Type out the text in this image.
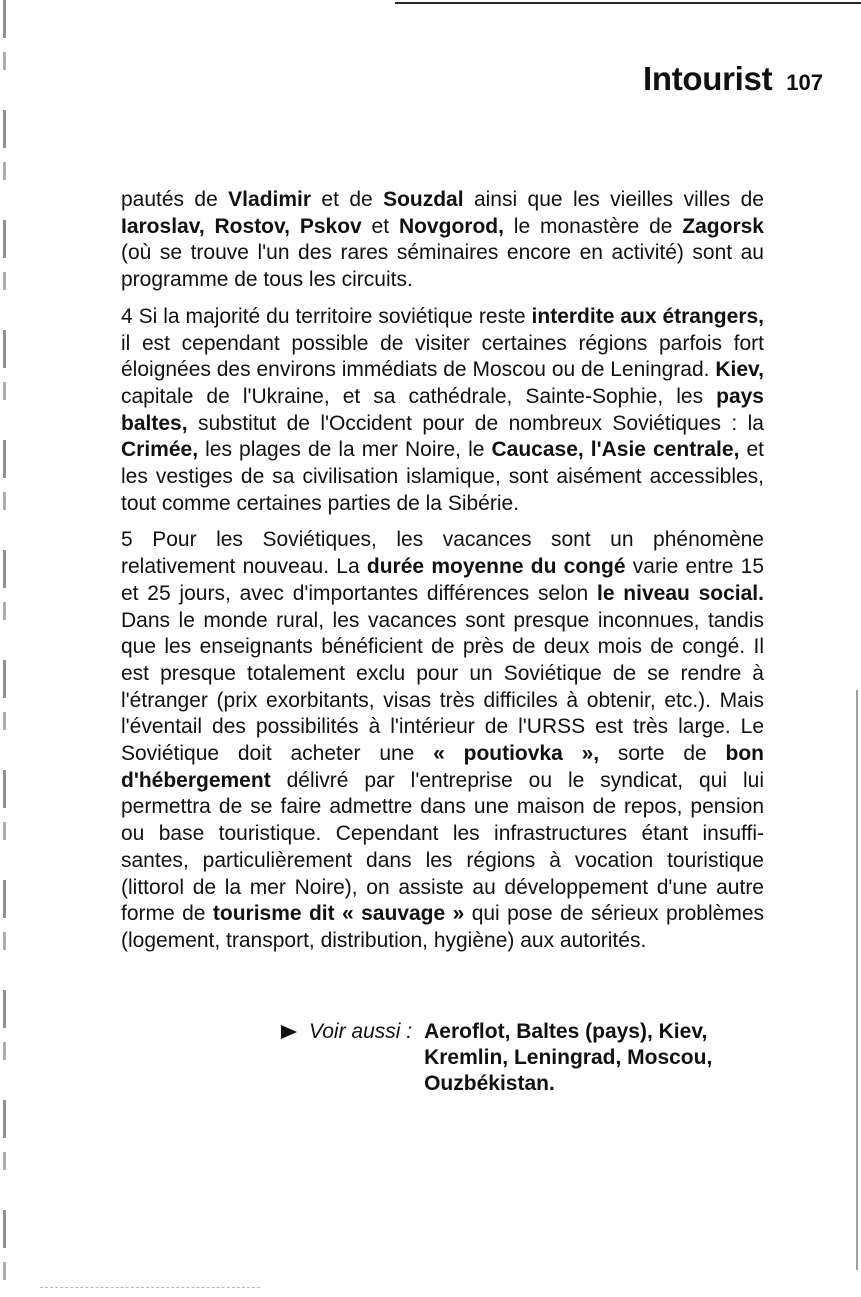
Intourist 107

pautés de Vladimir et de Souzdal ainsi que les vieilles villes de Iaroslav, Rostov, Pskov et Novgorod, le monastère de Zagorsk (où se trouve l'un des rares séminaires encore en activité) sont au programme de tous les circuits.

4 Si la majorité du territoire soviétique reste interdite aux étrangers, il est cependant possible de visiter certaines régions parfois fort éloignées des environs immédiats de Moscou ou de Leningrad. Kiev, capitale de l'Ukraine, et sa cathédrale, Sainte-Sophie, les pays baltes, substitut de l'Occident pour de nombreux Soviétiques : la Crimée, les plages de la mer Noire, le Caucase, l'Asie centrale, et les vestiges de sa civilisation islamique, sont aisément accessibles, tout comme certaines parties de la Sibérie.

5 Pour les Soviétiques, les vacances sont un phénomène relativement nouveau. La durée moyenne du congé varie entre 15 et 25 jours, avec d'importantes différences selon le niveau social. Dans le monde rural, les vacances sont presque inconnues, tandis que les enseignants bénéficient de près de deux mois de congé. Il est presque totalement exclu pour un Soviétique de se rendre à l'étranger (prix exorbitants, visas très difficiles à obtenir, etc.). Mais l'éventail des possibilités à l'intérieur de l'URSS est très large. Le Soviétique doit acheter une « poutiovka », sorte de bon d'hébergement délivré par l'entreprise ou le syndicat, qui lui permettra de se faire admettre dans une maison de repos, pension ou base touristique. Cependant les infrastructures étant insuffisantes, particulièrement dans les régions à vocation touristique (littorol de la mer Noire), on assiste au développement d'une autre forme de tourisme dit « sauvage » qui pose de sérieux problèmes (logement, transport, distribution, hygiène) aux autorités.

Voir aussi : Aeroflot, Baltes (pays), Kiev, Kremlin, Leningrad, Moscou, Ouzbékistan.
